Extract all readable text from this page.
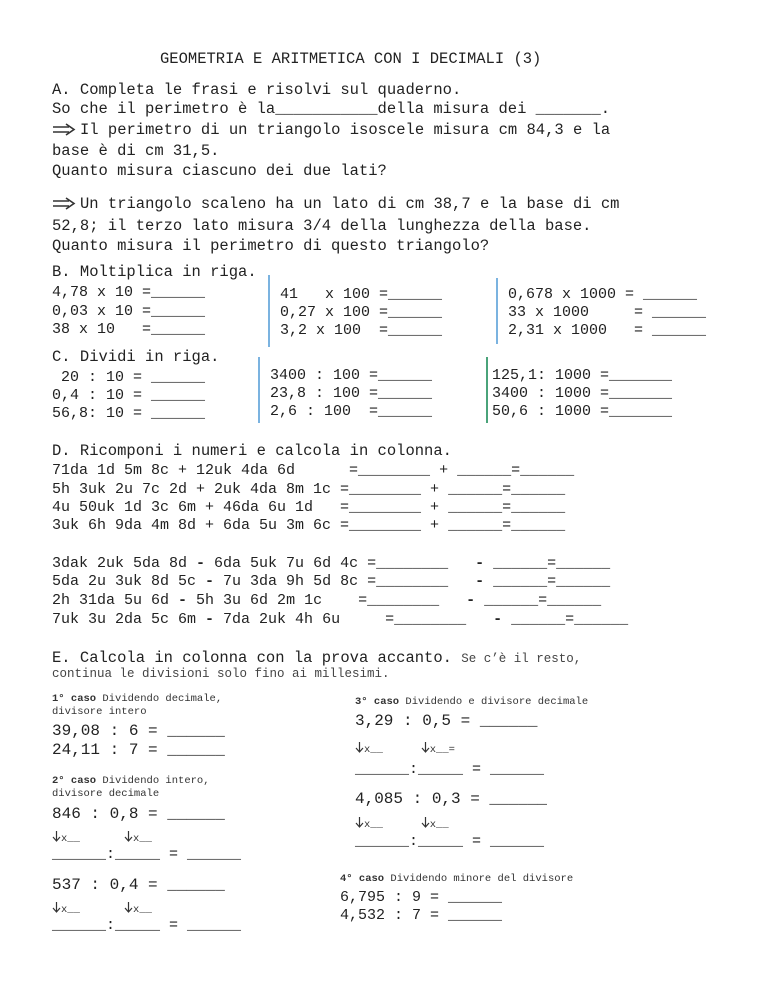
GEOMETRIA E ARITMETICA CON I DECIMALI (3)
A. Completa le frasi e risolvi sul quaderno.
So che il perimetro è la___________della misura dei _______.
Il perimetro di un triangolo isoscele misura cm 84,3 e la
base è di cm 31,5.
Quanto misura ciascuno dei due lati?
Un triangolo scaleno ha un lato di cm 38,7 e la base di cm
52,8; il terzo lato misura 3/4 della lunghezza della base.
Quanto misura il perimetro di questo triangolo?
B. Moltiplica in riga.
4,78 x 10 =______
0,03 x 10 =______
38 x 10   =______
41   x 100 =______
0,27 x 100 =______
3,2 x 100  =______
0,678 x 1000 = ______
33 x 1000     = ______
2,31 x 1000   = ______
C. Dividi in riga.
20 : 10 = ______
0,4 : 10 = ______
56,8: 10 = ______
3400 : 100 =______
23,8 : 100 =______
2,6 : 100  =______
125,1: 1000 =_______
3400 : 1000 =_______
50,6 : 1000 =_______
D. Ricomponi i numeri e calcola in colonna.
71da 1d 5m 8c + 12uk 4da 6d      =________ + ______=______
5h 3uk 2u 7c 2d + 2uk 4da 8m 1c =________ + ______=______
4u 50uk 1d 3c 6m + 46da 6u 1d   =________ + ______=______
3uk 6h 9da 4m 8d + 6da 5u 3m 6c =________ + ______=______
3dak 2uk 5da 8d - 6da 5uk 7u 6d 4c =________   - ______=______
5da 2u 3uk 8d 5c - 7u 3da 9h 5d 8c =________   - ______=______
2h 31da 5u 6d - 5h 3u 6d 2m 1c    =________   - ______=______
7uk 3u 2da 5c 6m - 7da 2uk 4h 6u     =________   - ______=______
E. Calcola in colonna con la prova accanto. Se c’è il resto,
continua le divisioni solo fino ai millesimi.
1° caso Dividendo decimale,
divisore intero
39,08 : 6 = ______
24,11 : 7 = ______
2° caso Dividendo intero,
divisore decimale
846 : 0,8 = ______
x__	x__
______:_____ = ______
537 : 0,4 = ______
x__	x__
______:_____ = ______
3° caso Dividendo e divisore decimale
3,29 : 0,5 = ______
x__	x__=
______:_____ = ______
4,085 : 0,3 = ______
x__	x__
______:_____ = ______
4° caso Dividendo minore del divisore
6,795 : 9 = ______
4,532 : 7 = ______
